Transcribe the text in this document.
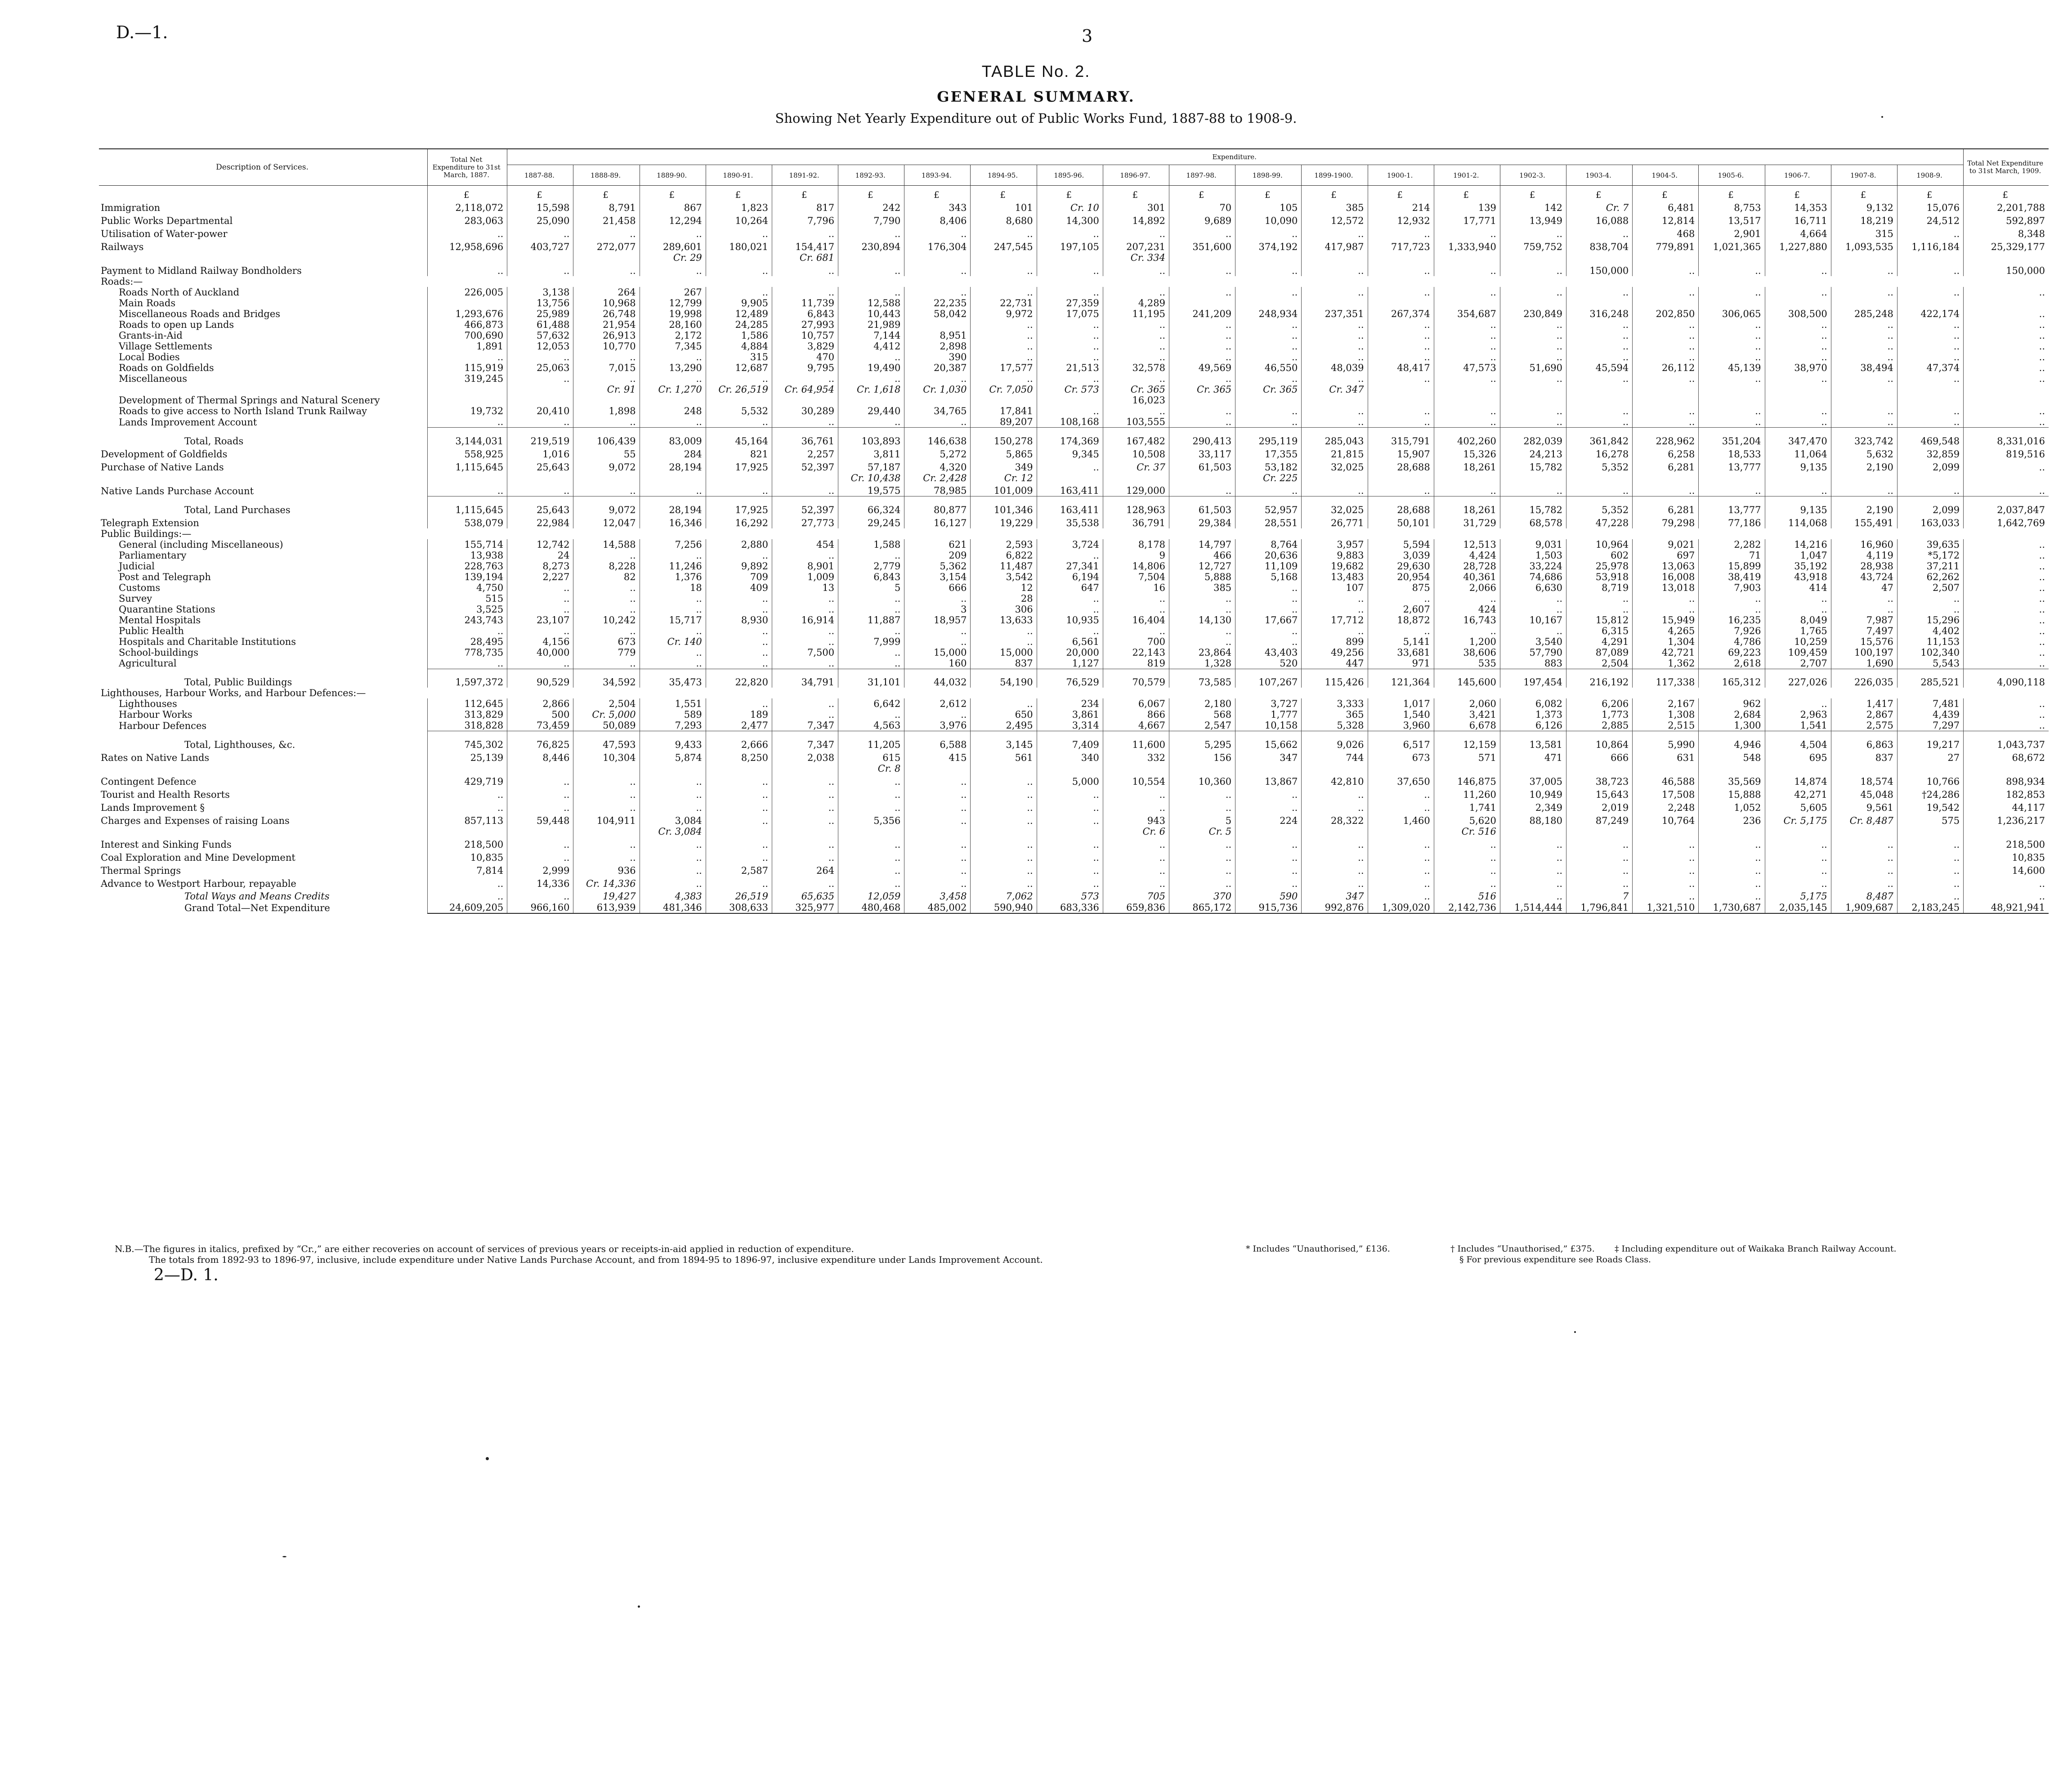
D.—1.	3
TABLE No. 2.
GENERAL SUMMARY.
Showing Net Yearly Expenditure out of Public Works Fund, 1887-88 to 1908-9.
Description of Services.	Total Net Expenditure to 31st March, 1887.	Expenditure.																						Total Net Expenditure to 31st March, 1909.
		1887-88.	1888-89.	1889-90.	1890-91.	1891-92.	1892-93.	1893-94.	1894-95.	1895-96.	1896-97.	1897-98.	1898-99.	1899-1900.	1900-1.	1901-2.	1902-3.	1903-4.	1904-5.	1905-6.	1906-7.	1907-8.	1908-9.	
	£	£	£	£	£	£	£	£	£	£	£	£	£	£	£	£	£	£	£	£	£	£	£	£
Immigration	2,118,072	15,598	8,791	867	1,823	817	242	343	101	Cr. 10	301	70	105	385	214	139	142	Cr. 7	6,481	8,753	14,353	9,132	15,076	2,201,788
Public Works Departmental	283,063	25,090	21,458	12,294	10,264	7,796	7,790	8,406	8,680	14,300	14,892	9,689	10,090	12,572	12,932	17,771	13,949	16,088	12,814	13,517	16,711	18,219	24,512	592,897
Utilisation of Water-power	..	..	..	..	..	..	..	..	..	..	..	..	..	..	..	..	..	..	468	2,901	4,664	315	..	8,348
Railways	12,958,696	403,727	272,077	289,601	180,021	154,417	230,894	176,304	247,545	197,105	207,231	351,600	374,192	417,987	717,723	1,333,940	759,752	838,704	779,891	1,021,365	1,227,880	1,093,535	1,116,184	25,329,177
				Cr. 29		Cr. 681					Cr. 334													
Payment to Midland Railway Bondholders	..	..	..	..	..	..	..	..	..	..	..	..	..	..	..	..	..	150,000	..	..	..	..	..	150,000
Roads:—																								
Roads North of Auckland	226,005	3,138	264	267	..	..	..	..	..	..	..	..	..	..	..	..	..	..	..	..	..	..	..	..
Main Roads		13,756	10,968	12,799	9,905	11,739	12,588	22,235	22,731	27,359	4,289													
Miscellaneous Roads and Bridges	1,293,676	25,989	26,748	19,998	12,489	6,843	10,443	58,042	9,972	17,075	11,195	241,209	248,934	237,351	267,374	354,687	230,849	316,248	202,850	306,065	308,500	285,248	422,174	..
Roads to open up Lands	466,873	61,488	21,954	28,160	24,285	27,993	21,989		..	..	..	..	..	..	..	..	..	..	..	..	..	..	..	..
Grants-in-Aid	700,690	57,632	26,913	2,172	1,586	10,757	7,144	8,951	..	..	..	..	..	..	..	..	..	..	..	..	..	..	..	..
Village Settlements	1,891	12,053	10,770	7,345	4,884	3,829	4,412	2,898	..	..	..	..	..	..	..	..	..	..	..	..	..	..	..	..
Local Bodies	..	..	..	..	315	470	..	390	..	..	..	..	..	..	..	..	..	..	..	..	..	..	..	..
Roads on Goldfields	115,919	25,063	7,015	13,290	12,687	9,795	19,490	20,387	17,577	21,513	32,578	49,569	46,550	48,039	48,417	47,573	51,690	45,594	26,112	45,139	38,970	38,494	47,374	..
Miscellaneous	319,245	..	..	..	..	..	..	..	..	..	..	..	..	..	..	..	..	..	..	..	..	..	..	..
			Cr. 91	Cr. 1,270	Cr. 26,519	Cr. 64,954	Cr. 1,618	Cr. 1,030	Cr. 7,050	Cr. 573	Cr. 365	Cr. 365	Cr. 365	Cr. 347										
Development of Thermal Springs and Natural Scenery											16,023													
Roads to give access to North Island Trunk Railway	19,732	20,410	1,898	248	5,532	30,289	29,440	34,765	17,841	..	..	..	..	..	..	..	..	..	..	..	..	..	..	..
Lands Improvement Account	..	..	..	..	..	..	..	..	89,207	108,168	103,555	..	..	..	..	..	..	..	..	..	..	..	..	..
Total, Roads	3,144,031	219,519	106,439	83,009	45,164	36,761	103,893	146,638	150,278	174,369	167,482	290,413	295,119	285,043	315,791	402,260	282,039	361,842	228,962	351,204	347,470	323,742	469,548	8,331,016
Development of Goldfields	558,925	1,016	55	284	821	2,257	3,811	5,272	5,865	9,345	10,508	33,117	17,355	21,815	15,907	15,326	24,213	16,278	6,258	18,533	11,064	5,632	32,859	819,516
Purchase of Native Lands	1,115,645	25,643	9,072	28,194	17,925	52,397	57,187	4,320	349	..	Cr. 37	61,503	53,182	32,025	28,688	18,261	15,782	5,352	6,281	13,777	9,135	2,190	2,099	..
							Cr. 10,438	Cr. 2,428	Cr. 12				Cr. 225											
Native Lands Purchase Account	..	..	..	..	..	..	19,575	78,985	101,009	163,411	129,000	..	..	..	..	..	..	..	..	..	..	..	..	..
Total, Land Purchases	1,115,645	25,643	9,072	28,194	17,925	52,397	66,324	80,877	101,346	163,411	128,963	61,503	52,957	32,025	28,688	18,261	15,782	5,352	6,281	13,777	9,135	2,190	2,099	2,037,847
Telegraph Extension	538,079	22,984	12,047	16,346	16,292	27,773	29,245	16,127	19,229	35,538	36,791	29,384	28,551	26,771	50,101	31,729	68,578	47,228	79,298	77,186	114,068	155,491	163,033	1,642,769
Public Buildings:—																								
General (including Miscellaneous)	155,714	12,742	14,588	7,256	2,880	454	1,588	621	2,593	3,724	8,178	14,797	8,764	3,957	5,594	12,513	9,031	10,964	9,021	2,282	14,216	16,960	39,635	..
Parliamentary	13,938	24	..	..	..	..	..	209	6,822	..	9	466	20,636	9,883	3,039	4,424	1,503	602	697	71	1,047	4,119	*5,172	..
Judicial	228,763	8,273	8,228	11,246	9,892	8,901	2,779	5,362	11,487	27,341	14,806	12,727	11,109	19,682	29,630	28,728	33,224	25,978	13,063	15,899	35,192	28,938	37,211	..
Post and Telegraph	139,194	2,227	82	1,376	709	1,009	6,843	3,154	3,542	6,194	7,504	5,888	5,168	13,483	20,954	40,361	74,686	53,918	16,008	38,419	43,918	43,724	62,262	..
Customs	4,750	..	..	18	409	13	5	666	12	647	16	385	..	107	875	2,066	6,630	8,719	13,018	7,903	414	47	2,507	..
Survey	515	..	..	..	..	..	..	..	28	..	..	..	..	..	..	..	..	..	..	..	..	..	..	..
Quarantine Stations	3,525	..	..	..	..	..	..	3	306	..	..	..	..	..	2,607	424	..	..	..	..	..	..	..	..
Mental Hospitals	243,743	23,107	10,242	15,717	8,930	16,914	11,887	18,957	13,633	10,935	16,404	14,130	17,667	17,712	18,872	16,743	10,167	15,812	15,949	16,235	8,049	7,987	15,296	..
Public Health	..	..	..	..	..	..	..	..	..	..	..	..	..	..	..	..	..	6,315	4,265	7,926	1,765	7,497	4,402	..
Hospitals and Charitable Institutions	28,495	4,156	673	Cr. 140	..	..	7,999	..	..	6,561	700	..	..	899	5,141	1,200	3,540	4,291	1,304	4,786	10,259	15,576	11,153	..
School-buildings	778,735	40,000	779	..	..	7,500	..	15,000	15,000	20,000	22,143	23,864	43,403	49,256	33,681	38,606	57,790	87,089	42,721	69,223	109,459	100,197	102,340	..
Agricultural	..	..	..	..	..	..	..	160	837	1,127	819	1,328	520	447	971	535	883	2,504	1,362	2,618	2,707	1,690	5,543	..
Total, Public Buildings	1,597,372	90,529	34,592	35,473	22,820	34,791	31,101	44,032	54,190	76,529	70,579	73,585	107,267	115,426	121,364	145,600	197,454	216,192	117,338	165,312	227,026	226,035	285,521	4,090,118
Lighthouses, Harbour Works, and Harbour Defences:—																								
Lighthouses	112,645	2,866	2,504	1,551	..	..	6,642	2,612	..	234	6,067	2,180	3,727	3,333	1,017	2,060	6,082	6,206	2,167	962	..	1,417	7,481	..
Harbour Works	313,829	500	Cr. 5,000	589	189	..	..	..	650	3,861	866	568	1,777	365	1,540	3,421	1,373	1,773	1,308	2,684	2,963	2,867	4,439	..
Harbour Defences	318,828	73,459	50,089	7,293	2,477	7,347	4,563	3,976	2,495	3,314	4,667	2,547	10,158	5,328	3,960	6,678	6,126	2,885	2,515	1,300	1,541	2,575	7,297	..
Total, Lighthouses, &c.	745,302	76,825	47,593	9,433	2,666	7,347	11,205	6,588	3,145	7,409	11,600	5,295	15,662	9,026	6,517	12,159	13,581	10,864	5,990	4,946	4,504	6,863	19,217	1,043,737
Rates on Native Lands	25,139	8,446	10,304	5,874	8,250	2,038	615	415	561	340	332	156	347	744	673	571	471	666	631	548	695	837	27	68,672
							Cr. 8																	
Contingent Defence	429,719	..	..	..	..	..	..	..	..	5,000	10,554	10,360	13,867	42,810	37,650	146,875	37,005	38,723	46,588	35,569	14,874	18,574	10,766	898,934
Tourist and Health Resorts	..	..	..	..	..	..	..	..	..	..	..	..	..	..	..	11,260	10,949	15,643	17,508	15,888	42,271	45,048	†24,286	182,853
Lands Improvement §	..	..	..	..	..	..	..	..	..	..	..	..	..	..	..	1,741	2,349	2,019	2,248	1,052	5,605	9,561	19,542	44,117
Charges and Expenses of raising Loans	857,113	59,448	104,911	3,084	..	..	5,356	..	..	..	943	5	224	28,322	1,460	5,620	88,180	87,249	10,764	236	Cr. 5,175	Cr. 8,487	575	1,236,217
				Cr. 3,084							Cr. 6	Cr. 5				Cr. 516								
Interest and Sinking Funds	218,500	..	..	..	..	..	..	..	..	..	..	..	..	..	..	..	..	..	..	..	..	..	..	218,500
Coal Exploration and Mine Development	10,835	..	..	..	..	..	..	..	..	..	..	..	..	..	..	..	..	..	..	..	..	..	..	10,835
Thermal Springs	7,814	2,999	936	..	2,587	264	..	..	..	..	..	..	..	..	..	..	..	..	..	..	..	..	..	14,600
Advance to Westport Harbour, repayable	..	14,336	Cr. 14,336	..	..	..	..	..	..	..	..	..	..	..	..	..	..	..	..	..	..	..	..	..
Total Ways and Means Credits	..	..	19,427	4,383	26,519	65,635	12,059	3,458	7,062	573	705	370	590	347	..	516	..	7	..	..	5,175	8,487	..	..
Grand Total—Net Expenditure	24,609,205	966,160	613,939	481,346	308,633	325,977	480,468	485,002	590,940	683,336	659,836	865,172	915,736	992,876	1,309,020	2,142,736	1,514,444	1,796,841	1,321,510	1,730,687	2,035,145	1,909,687	2,183,245	48,921,941
N.B.—The figures in italics, prefixed by “Cr.,” are either recoveries on account of services of previous years or receipts-in-aid applied in reduction of expenditure.
The totals from 1892-93 to 1896-97, inclusive, include expenditure under Native Lands Purchase Account, and from 1894-95 to 1896-97, inclusive expenditure under Lands Improvement Account.
2—D. 1.
* Includes “Unauthorised,” £136.	† Includes “Unauthorised,” £375. ‡ Including expenditure out of Waikaka Branch Railway Account.
§ For previous expenditure see Roads Class.
